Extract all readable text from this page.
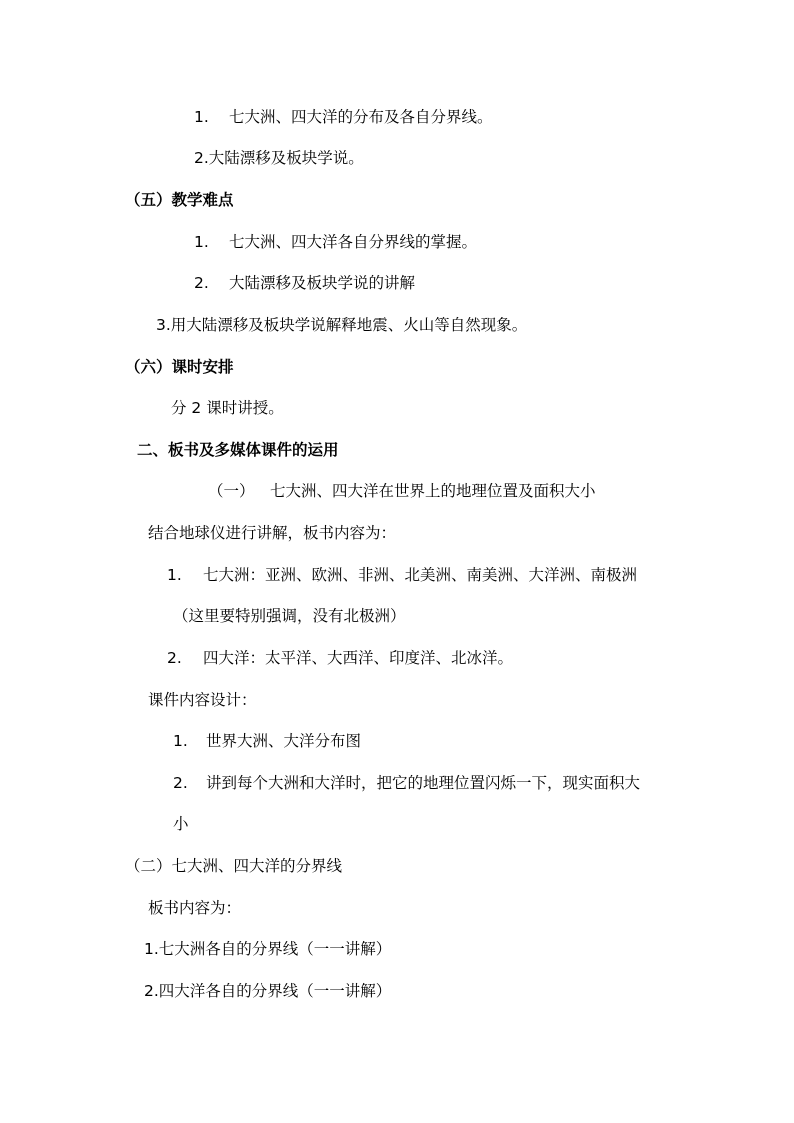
1. 七大洲、四大洋的分布及各自分界线。
2.大陆漂移及板块学说。
（五）教学难点
1. 七大洲、四大洋各自分界线的掌握。
2. 大陆漂移及板块学说的讲解
3.用大陆漂移及板块学说解释地震、火山等自然现象。
（六）课时安排
分 2 课时讲授。
二、板书及多媒体课件的运用
（一） 七大洲、四大洋在世界上的地理位置及面积大小
结合地球仪进行讲解，板书内容为：
1. 七大洲：亚洲、欧洲、非洲、北美洲、南美洲、大洋洲、南极洲
（这里要特别强调，没有北极洲）
2. 四大洋：太平洋、大西洋、印度洋、北冰洋。
课件内容设计：
1. 世界大洲、大洋分布图
2. 讲到每个大洲和大洋时，把它的地理位置闪烁一下，现实面积大
小
（二）七大洲、四大洋的分界线
板书内容为：
1.七大洲各自的分界线（一一讲解）
2.四大洋各自的分界线（一一讲解）
